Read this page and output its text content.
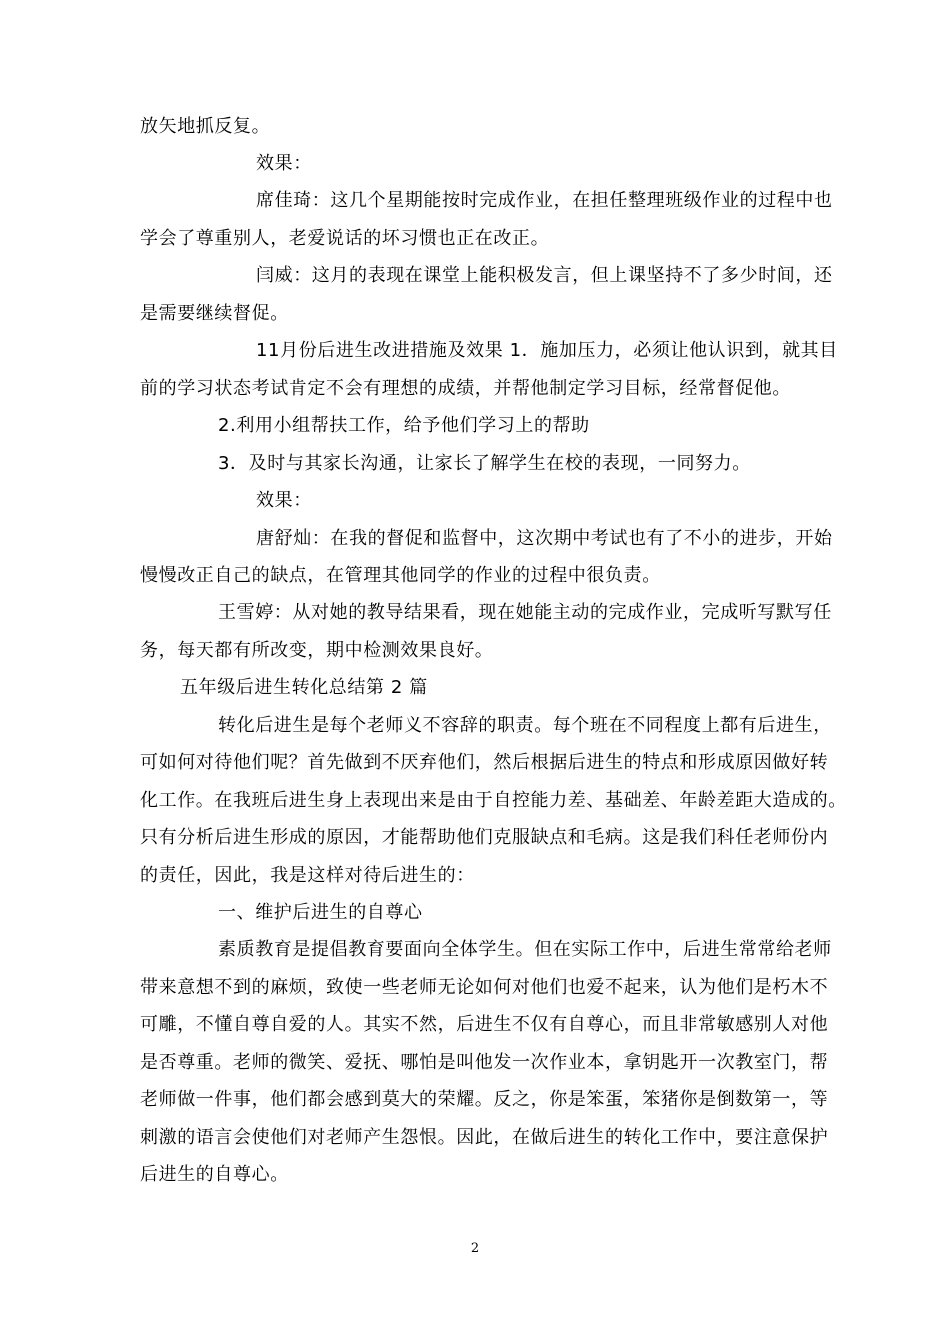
放矢地抓反复。
效果：
席佳琦：这几个星期能按时完成作业，在担任整理班级作业的过程中也
学会了尊重别人，老爱说话的坏习惯也正在改正。
闫威：这月的表现在课堂上能积极发言，但上课坚持不了多少时间，还
是需要继续督促。
11月份后进生改进措施及效果 1．施加压力，必须让他认识到，就其目
前的学习状态考试肯定不会有理想的成绩，并帮他制定学习目标，经常督促他。
2.利用小组帮扶工作，给予他们学习上的帮助
3．及时与其家长沟通，让家长了解学生在校的表现，一同努力。
效果：
唐舒灿：在我的督促和监督中，这次期中考试也有了不小的进步，开始
慢慢改正自己的缺点，在管理其他同学的作业的过程中很负责。
王雪婷：从对她的教导结果看，现在她能主动的完成作业，完成听写默写任
务，每天都有所改变，期中检测效果良好。
五年级后进生转化总结第 2 篇
转化后进生是每个老师义不容辞的职责。每个班在不同程度上都有后进生，
可如何对待他们呢？首先做到不厌弃他们，然后根据后进生的特点和形成原因做好转
化工作。在我班后进生身上表现出来是由于自控能力差、基础差、年龄差距大造成的。
只有分析后进生形成的原因，才能帮助他们克服缺点和毛病。这是我们科任老师份内
的责任，因此，我是这样对待后进生的：
一、维护后进生的自尊心
素质教育是提倡教育要面向全体学生。但在实际工作中，后进生常常给老师
带来意想不到的麻烦，致使一些老师无论如何对他们也爱不起来，认为他们是朽木不
可雕，不懂自尊自爱的人。其实不然，后进生不仅有自尊心，而且非常敏感别人对他
是否尊重。老师的微笑、爱抚、哪怕是叫他发一次作业本，拿钥匙开一次教室门，帮
老师做一件事，他们都会感到莫大的荣耀。反之，你是笨蛋，笨猪你是倒数第一，等
刺激的语言会使他们对老师产生怨恨。因此，在做后进生的转化工作中，要注意保护
后进生的自尊心。
2
